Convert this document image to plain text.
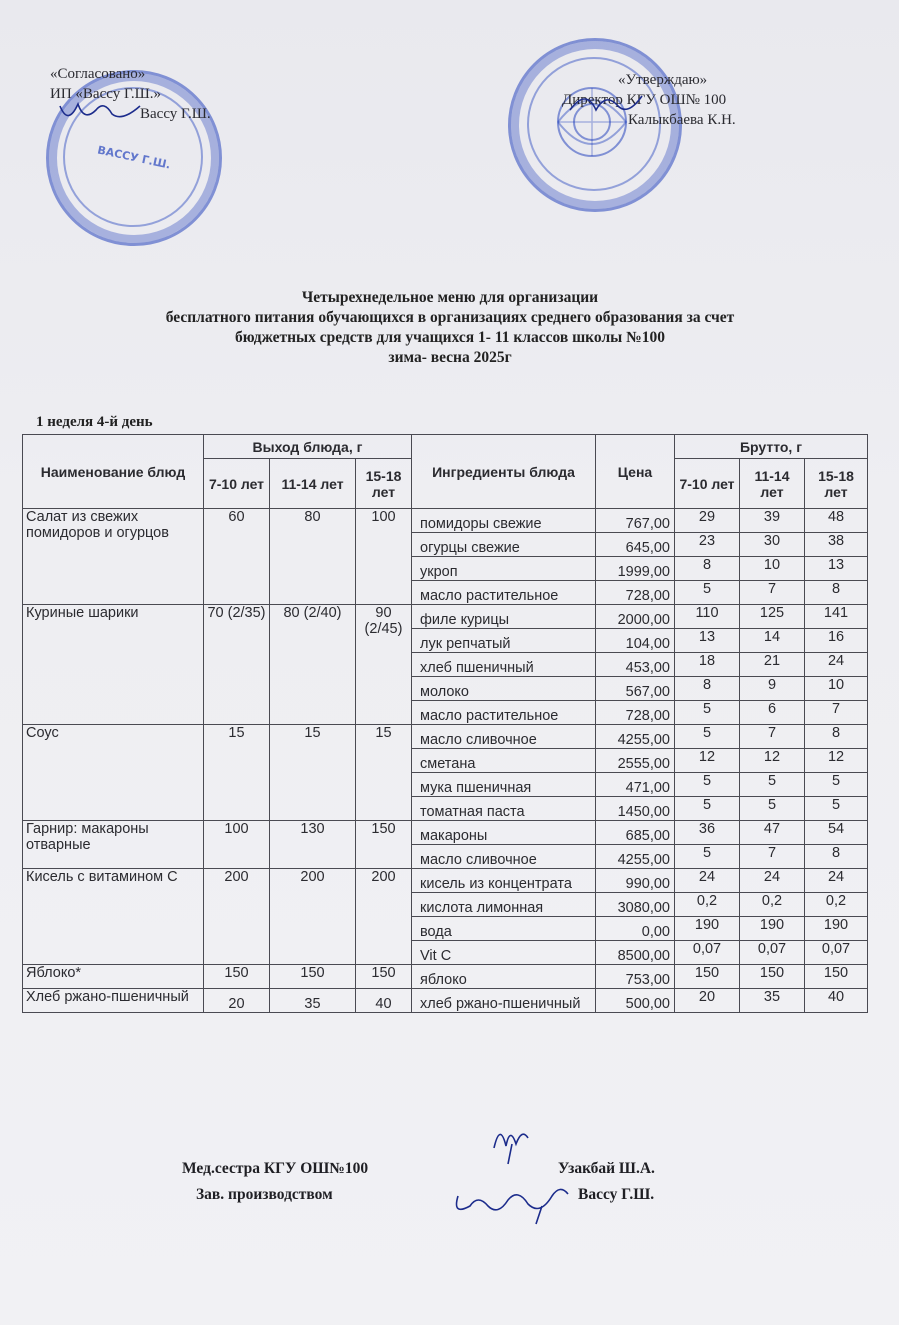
ВАССУ Г.Ш.
«Согласовано»
ИП «Вассу Г.Ш.»
Вассу Г.Ш.
«Утверждаю»
Директор КГУ ОШ№ 100
Калыкбаева К.Н.
Четырехнедельное меню для организации
бесплатного питания обучающихся в организациях среднего образования за счет
бюджетных средств для учащихся 1- 11 классов школы №100
зима- весна 2025г
1 неделя 4-й день
Наименование блюд	Выход блюда, г			Ингредиенты блюда	Цена	Брутто, г		
	7-10 лет	11-14 лет	15-18 лет			7-10 лет	11-14 лет	15-18 лет
Салат из свежих помидоров и огурцов	60	80	100	помидоры свежие	767,00	29	39	48
				огурцы свежие	645,00	23	30	38
				укроп	1999,00	8	10	13
				масло растительное	728,00	5	7	8
Куриные шарики	70 (2/35)	80 (2/40)	90 (2/45)	филе курицы	2000,00	110	125	141
				лук репчатый	104,00	13	14	16
				хлеб пшеничный	453,00	18	21	24
				молоко	567,00	8	9	10
				масло растительное	728,00	5	6	7
Соус	15	15	15	масло сливочное	4255,00	5	7	8
				сметана	2555,00	12	12	12
				мука пшеничная	471,00	5	5	5
				томатная паста	1450,00	5	5	5
Гарнир: макароны отварные	100	130	150	макароны	685,00	36	47	54
				масло сливочное	4255,00	5	7	8
Кисель с витамином С	200	200	200	кисель из концентрата	990,00	24	24	24
				кислота лимонная	3080,00	0,2	0,2	0,2
				вода	0,00	190	190	190
				Vit C	8500,00	0,07	0,07	0,07
Яблоко*	150	150	150	яблоко	753,00	150	150	150
Хлеб ржано-пшеничный	20	35	40	хлеб ржано-пшеничный	500,00	20	35	40
Мед.сестра КГУ ОШ№100	Узакбай Ш.А.
Зав. производством	Вассу Г.Ш.
